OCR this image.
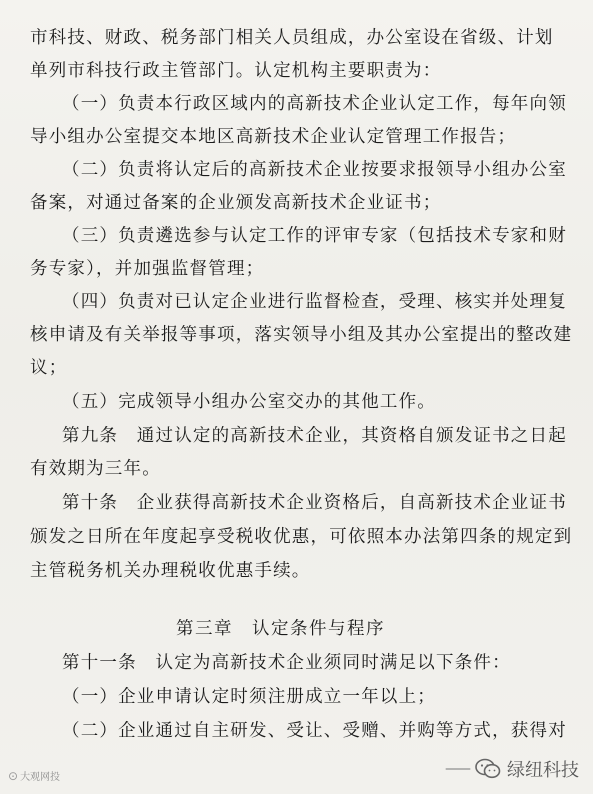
市科技、财政、税务部门相关人员组成，办公室设在省级、计划
单列市科技行政主管部门。认定机构主要职责为：
（一）负责本行政区域内的高新技术企业认定工作，每年向领
导小组办公室提交本地区高新技术企业认定管理工作报告；
（二）负责将认定后的高新技术企业按要求报领导小组办公室
备案，对通过备案的企业颁发高新技术企业证书；
（三）负责遴选参与认定工作的评审专家（包括技术专家和财
务专家），并加强监督管理；
（四）负责对已认定企业进行监督检查，受理、核实并处理复
核申请及有关举报等事项，落实领导小组及其办公室提出的整改建
议；
（五）完成领导小组办公室交办的其他工作。
第九条　通过认定的高新技术企业，其资格自颁发证书之日起
有效期为三年。
第十条　企业获得高新技术企业资格后，自高新技术企业证书
颁发之日所在年度起享受税收优惠，可依照本办法第四条的规定到
主管税务机关办理税收优惠手续。
第三章　认定条件与程序
第十一条　认定为高新技术企业须同时满足以下条件：
（一）企业申请认定时须注册成立一年以上；
（二）企业通过自主研发、受让、受赠、并购等方式，获得对
⊙ 大观网投
—— 绿纽科技
